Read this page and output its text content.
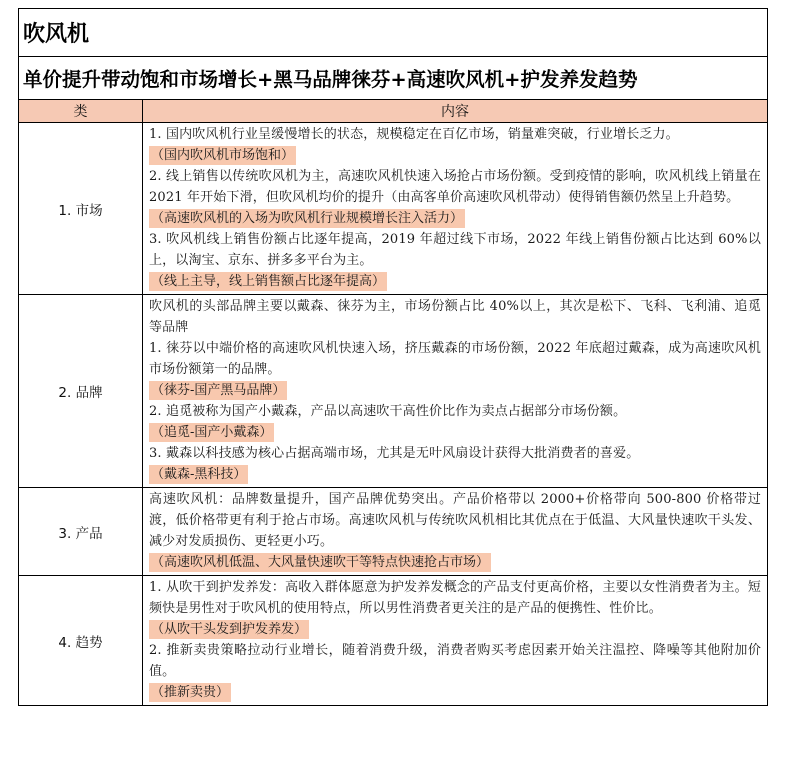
吹风机
单价提升带动饱和市场增长+黑马品牌徕芬+高速吹风机+护发养发趋势
类	内容
1. 市场

1. 国内吹风机行业呈缓慢增长的状态，规模稳定在百亿市场，销量难突破，行业增长乏力。

（国内吹风机市场饱和）

2. 线上销售以传统吹风机为主，高速吹风机快速入场抢占市场份额。受到疫情的影响，吹风机线上销量在 2021 年开始下滑，但吹风机均价的提升（由高客单价高速吹风机带动）使得销售额仍然呈上升趋势。

（高速吹风机的入场为吹风机行业规模增长注入活力）

3. 吹风机线上销售份额占比逐年提高，2019 年超过线下市场，2022 年线上销售份额占比达到 60%以上，以淘宝、京东、拼多多平台为主。

（线上主导，线上销售额占比逐年提高）
2. 品牌

吹风机的头部品牌主要以戴森、徕芬为主，市场份额占比 40%以上，其次是松下、飞科、飞利浦、追觅等品牌

1. 徕芬以中端价格的高速吹风机快速入场，挤压戴森的市场份额，2022 年底超过戴森，成为高速吹风机市场份额第一的品牌。

（徕芬-国产黑马品牌）

2. 追觅被称为国产小戴森，产品以高速吹干高性价比作为卖点占据部分市场份额。

（追觅-国产小戴森）

3. 戴森以科技感为核心占据高端市场，尤其是无叶风扇设计获得大批消费者的喜爱。

（戴森-黑科技）
3. 产品

高速吹风机：品牌数量提升，国产品牌优势突出。产品价格带以 2000+价格带向 500-800 价格带过渡，低价格带更有利于抢占市场。高速吹风机与传统吹风机相比其优点在于低温、大风量快速吹干头发、减少对发质损伤、更轻更小巧。

（高速吹风机低温、大风量快速吹干等特点快速抢占市场）
4. 趋势

1. 从吹干到护发养发：高收入群体愿意为护发养发概念的产品支付更高价格，主要以女性消费者为主。短频快是男性对于吹风机的使用特点，所以男性消费者更关注的是产品的便携性、性价比。

（从吹干头发到护发养发）

2. 推新卖贵策略拉动行业增长，随着消费升级，消费者购买考虑因素开始关注温控、降噪等其他附加价值。

（推新卖贵）
